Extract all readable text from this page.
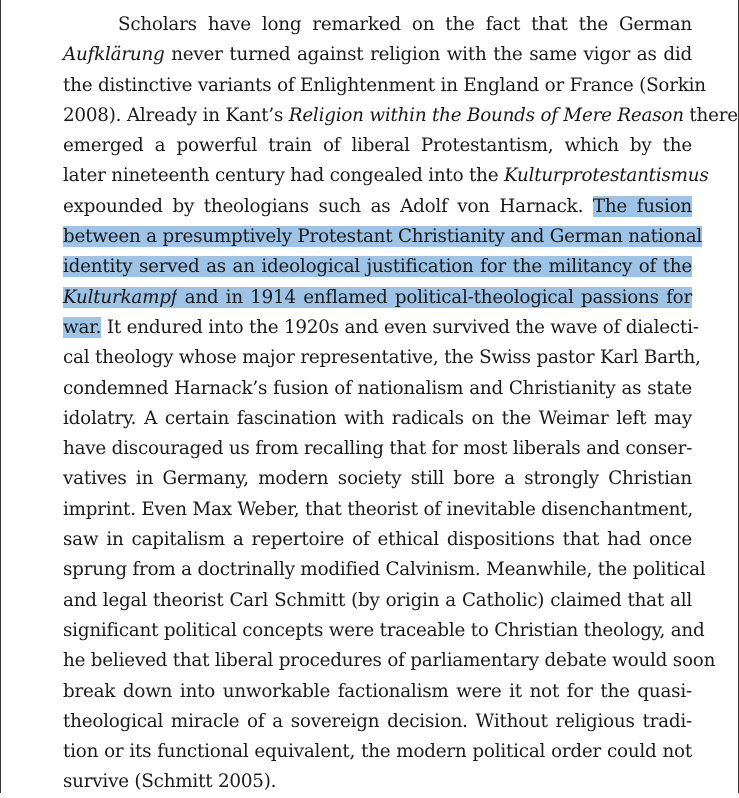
Scholars have long remarked on the fact that the German
Aufklärung never turned against religion with the same vigor as did
the distinctive variants of Enlightenment in England or France (Sorkin
2008). Already in Kant’s Religion within the Bounds of Mere Reason there
emerged a powerful train of liberal Protestantism, which by the
later nineteenth century had congealed into the Kulturprotestantismus
expounded by theologians such as Adolf von Harnack. The fusion
between a presumptively Protestant Christianity and German national
identity served as an ideological justification for the militancy of the
Kulturkampf and in 1914 enflamed political-theological passions for
war. It endured into the 1920s and even survived the wave of dialecti-
cal theology whose major representative, the Swiss pastor Karl Barth,
condemned Harnack’s fusion of nationalism and Christianity as state
idolatry. A certain fascination with radicals on the Weimar left may
have discouraged us from recalling that for most liberals and conser-
vatives in Germany, modern society still bore a strongly Christian
imprint. Even Max Weber, that theorist of inevitable disenchantment,
saw in capitalism a repertoire of ethical dispositions that had once
sprung from a doctrinally modified Calvinism. Meanwhile, the political
and legal theorist Carl Schmitt (by origin a Catholic) claimed that all
significant political concepts were traceable to Christian theology, and
he believed that liberal procedures of parliamentary debate would soon
break down into unworkable factionalism were it not for the quasi-
theological miracle of a sovereign decision. Without religious tradi-
tion or its functional equivalent, the modern political order could not
survive (Schmitt 2005).
